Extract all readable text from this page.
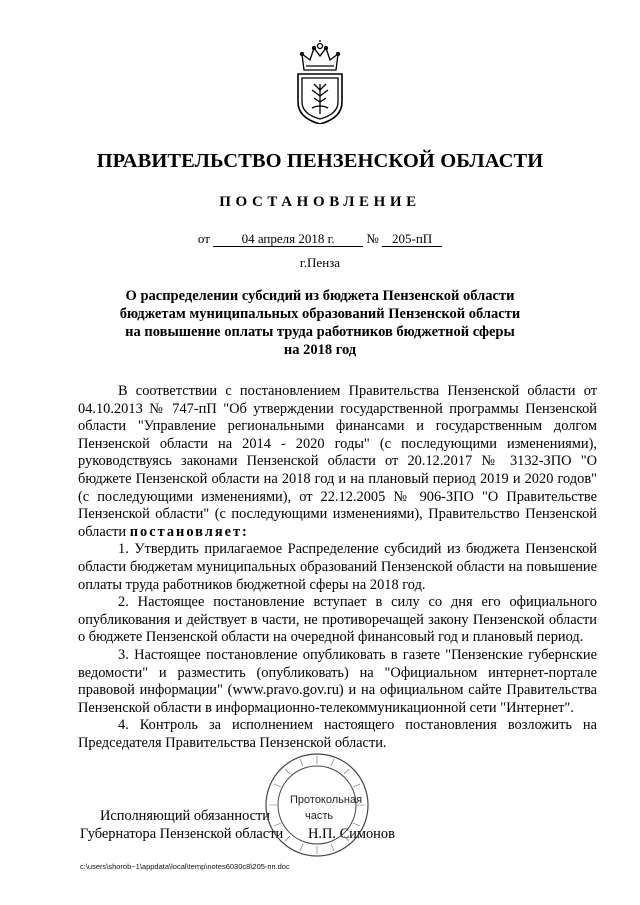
ПРАВИТЕЛЬСТВО ПЕНЗЕНСКОЙ ОБЛАСТИ
ПОСТАНОВЛЕНИЕ
от 04 апреля 2018 г. № 205-пП
г.Пенза
О распределении субсидий из бюджета Пензенской области
бюджетам муниципальных образований Пензенской области
на повышение оплаты труда работников бюджетной сферы
на 2018 год

В соответствии с постановлением Правительства Пензенской области от 04.10.2013 № 747-пП "Об утверждении государственной программы Пензенской области "Управление региональными финансами и государственным долгом Пензенской области на 2014 - 2020 годы" (с последующими изменениями), руководствуясь законами Пензенской области от 20.12.2017 № 3132-ЗПО "О бюджете Пензенской области на 2018 год и на плановый период 2019 и 2020 годов" (с последующими изменениями), от 22.12.2005 № 906-ЗПО "О Правительстве Пензенской области" (с последующими изменениями), Правительство Пензенской области постановляет:

1. Утвердить прилагаемое Распределение субсидий из бюджета Пензенской области бюджетам муниципальных образований Пензенской области на повышение оплаты труда работников бюджетной сферы на 2018 год.

2. Настоящее постановление вступает в силу со дня его официального опубликования и действует в части, не противоречащей закону Пензенской области о бюджете Пензенской области на очередной финансовый год и плановый период.

3. Настоящее постановление опубликовать в газете "Пензенские губернские ведомости" и разместить (опубликовать) на "Официальном интернет-портале правовой информации" (www.pravo.gov.ru) и на официальном сайте Правительства Пензенской области в информационно-телекоммуникационной сети "Интернет".

4. Контроль за исполнением настоящего постановления возложить на Председателя Правительства Пензенской области.

Исполняющий обязанности
Губернатора Пензенской области Н.П. Симонов
Протокольная
часть
c:\users\shorob~1\appdata\local\temp\notes6030c8\205-пп.doc
